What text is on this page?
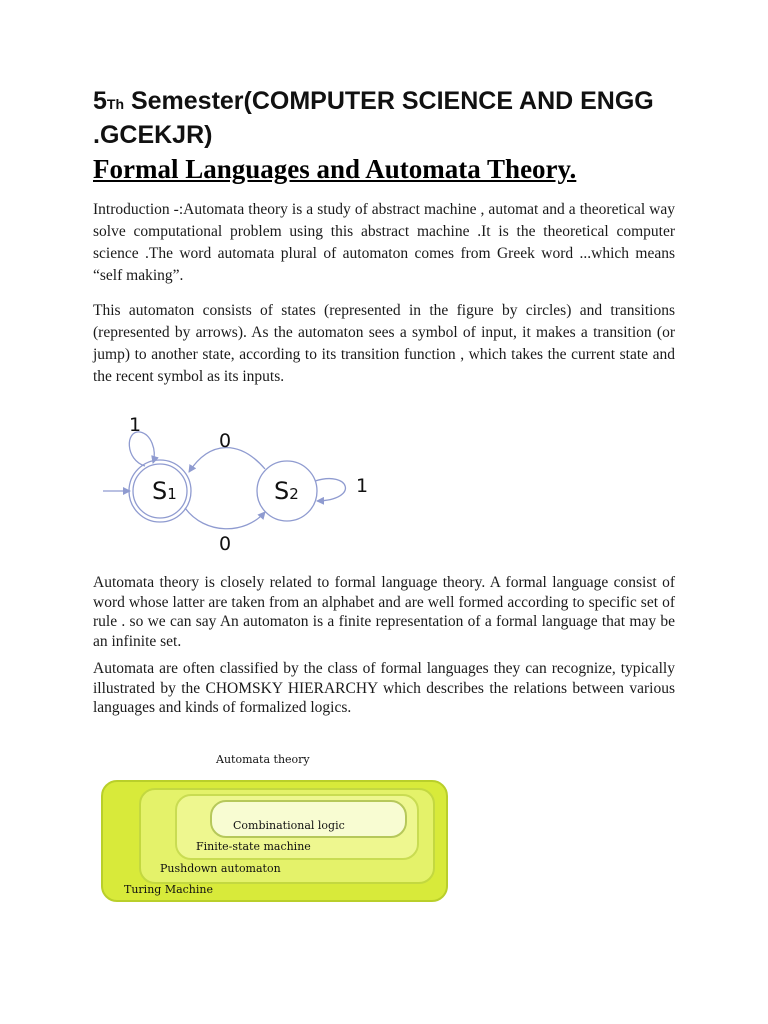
5Th Semester(COMPUTER SCIENCE AND ENGG .GCEKJR)
Formal Languages and Automata Theory.

Introduction -:Automata theory is a study of abstract machine , automat and a theoretical way solve computational problem using this abstract machine .It is the theoretical computer science .The word automata plural of automaton comes from Greek word ...which means “self making”.

This automaton consists of states (represented in the figure by circles) and transitions (represented by arrows). As the automaton sees a symbol of input, it makes a transition (or jump) to another state, according to its transition function , which takes the current state and the recent symbol as its inputs.

S1	S2
1
0
1
0

Automata theory is closely related to formal language theory. A formal language consist of word whose latter are taken from an alphabet and are well formed according to specific set of rule . so we can say An automaton is a finite representation of a formal language that may be an infinite set.

Automata are often classified by the class of formal languages they can recognize, typically illustrated by the CHOMSKY HIERARCHY which describes the relations between various languages and kinds of formalized logics.

Automata theory
Combinational logic
Finite-state machine
Pushdown automaton
Turing Machine
